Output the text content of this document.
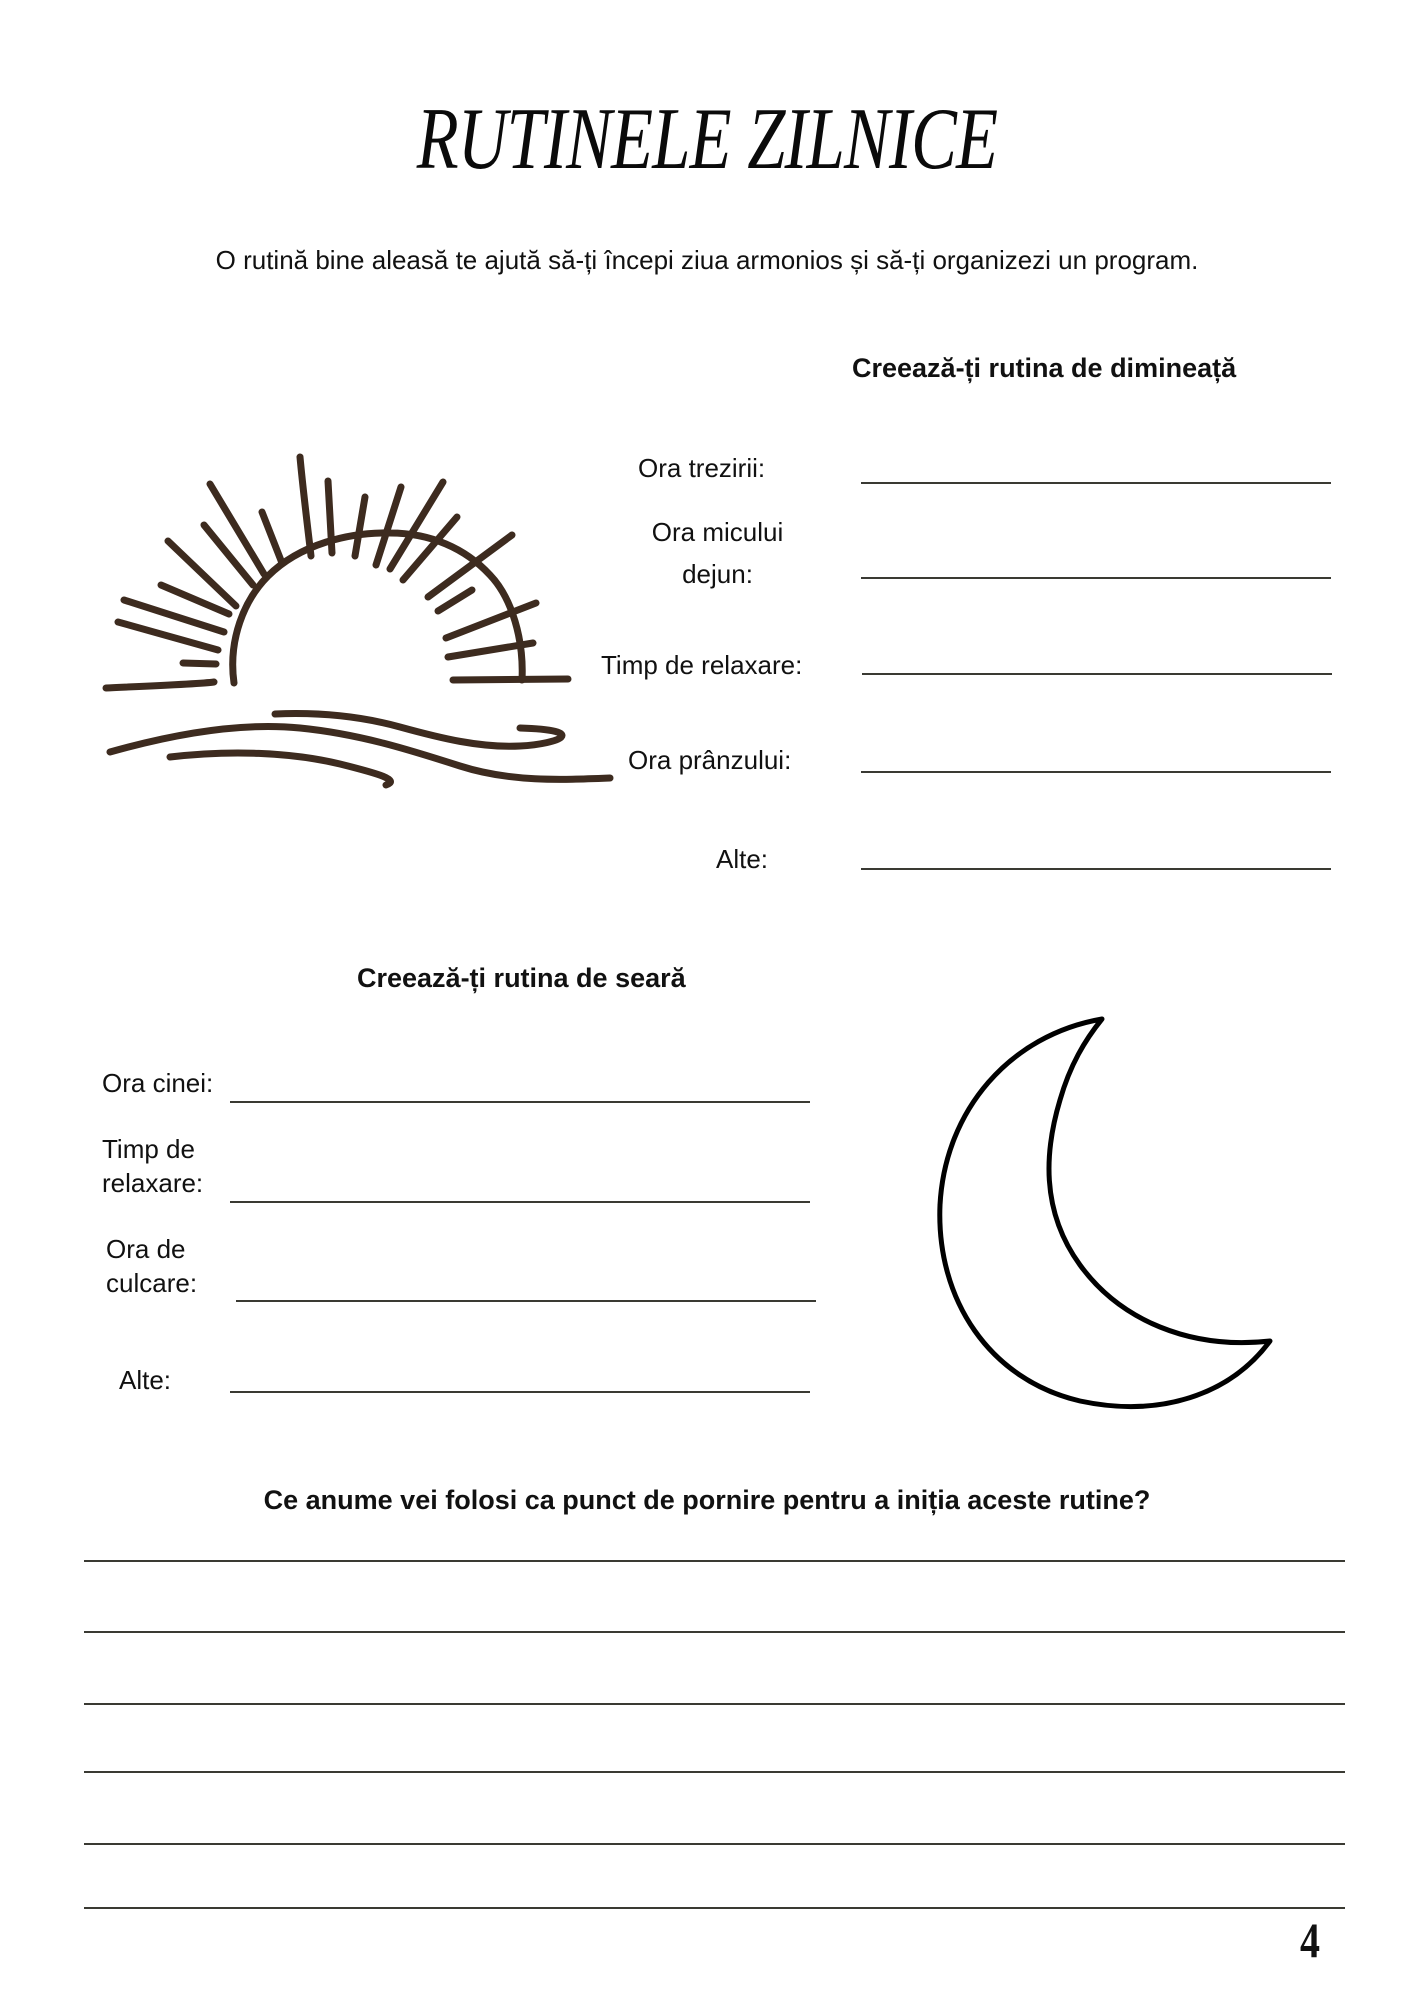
RUTINELE ZILNICE
O rutină bine aleasă te ajută să-ți începi ziua armonios și să-ți organizezi un program.
Creează-ți rutina de dimineață
Ora trezirii:
Ora micului
dejun:
Timp de relaxare:
Ora prânzului:
Alte:
Creează-ți rutina de seară
Ora cinei:
Timp de
relaxare:
Ora de
culcare:
Alte:
Ce anume vei folosi ca punct de pornire pentru a iniția aceste rutine?
4
